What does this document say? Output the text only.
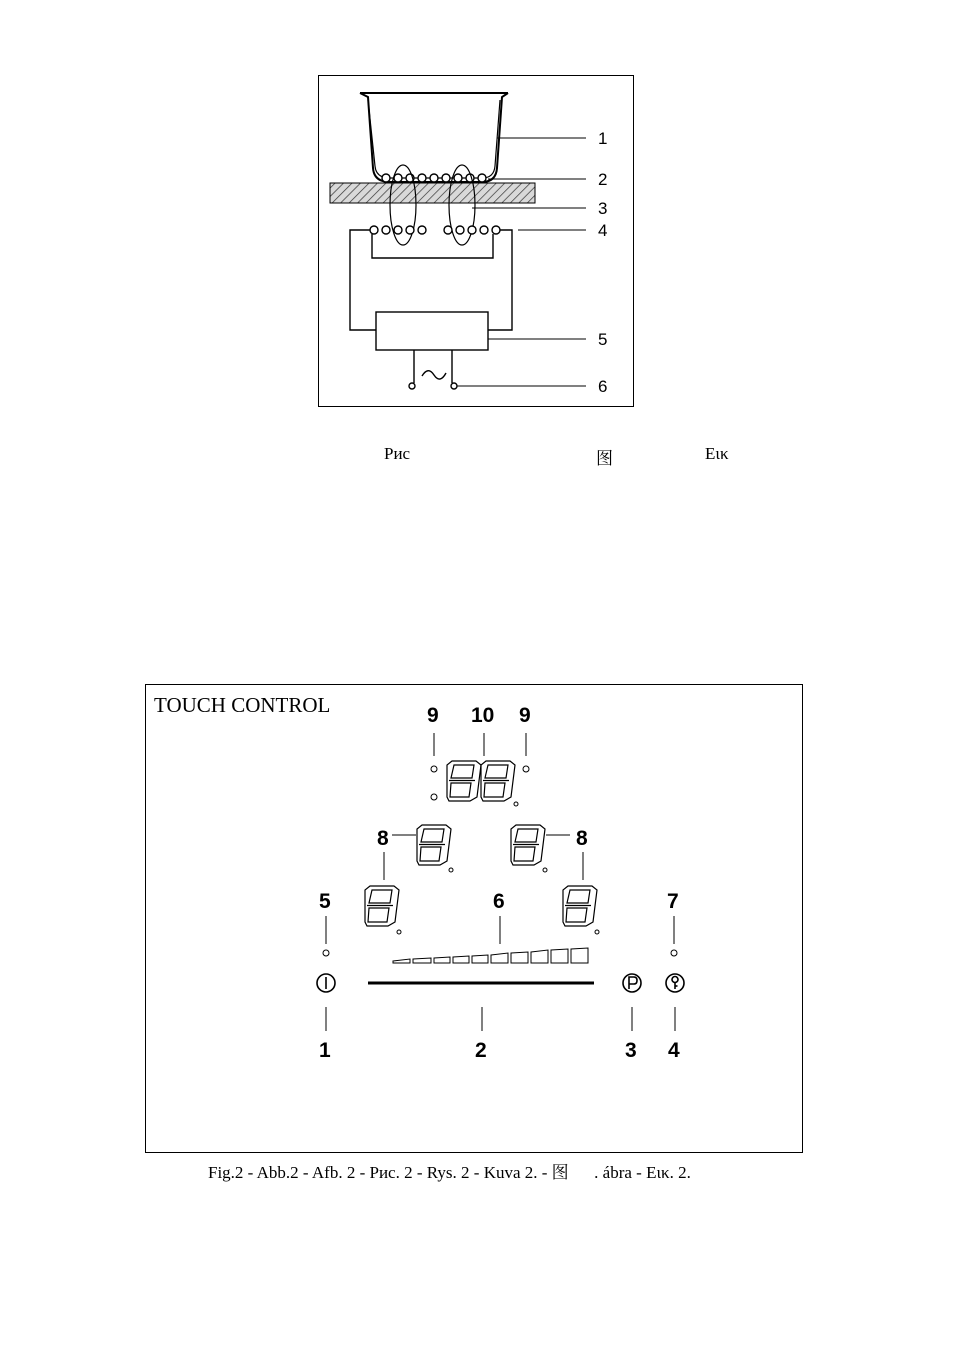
1
2
3
4
5
6
Рис	图	Εικ
TOUCH CONTROL	9 10 9
8	8
5	6	7
1	2	3 4
Fig.2 - Abb.2 - Afb. 2 - Рис. 2 - Rys. 2 - Kuva 2. - 图      . ábra - Εικ. 2.
